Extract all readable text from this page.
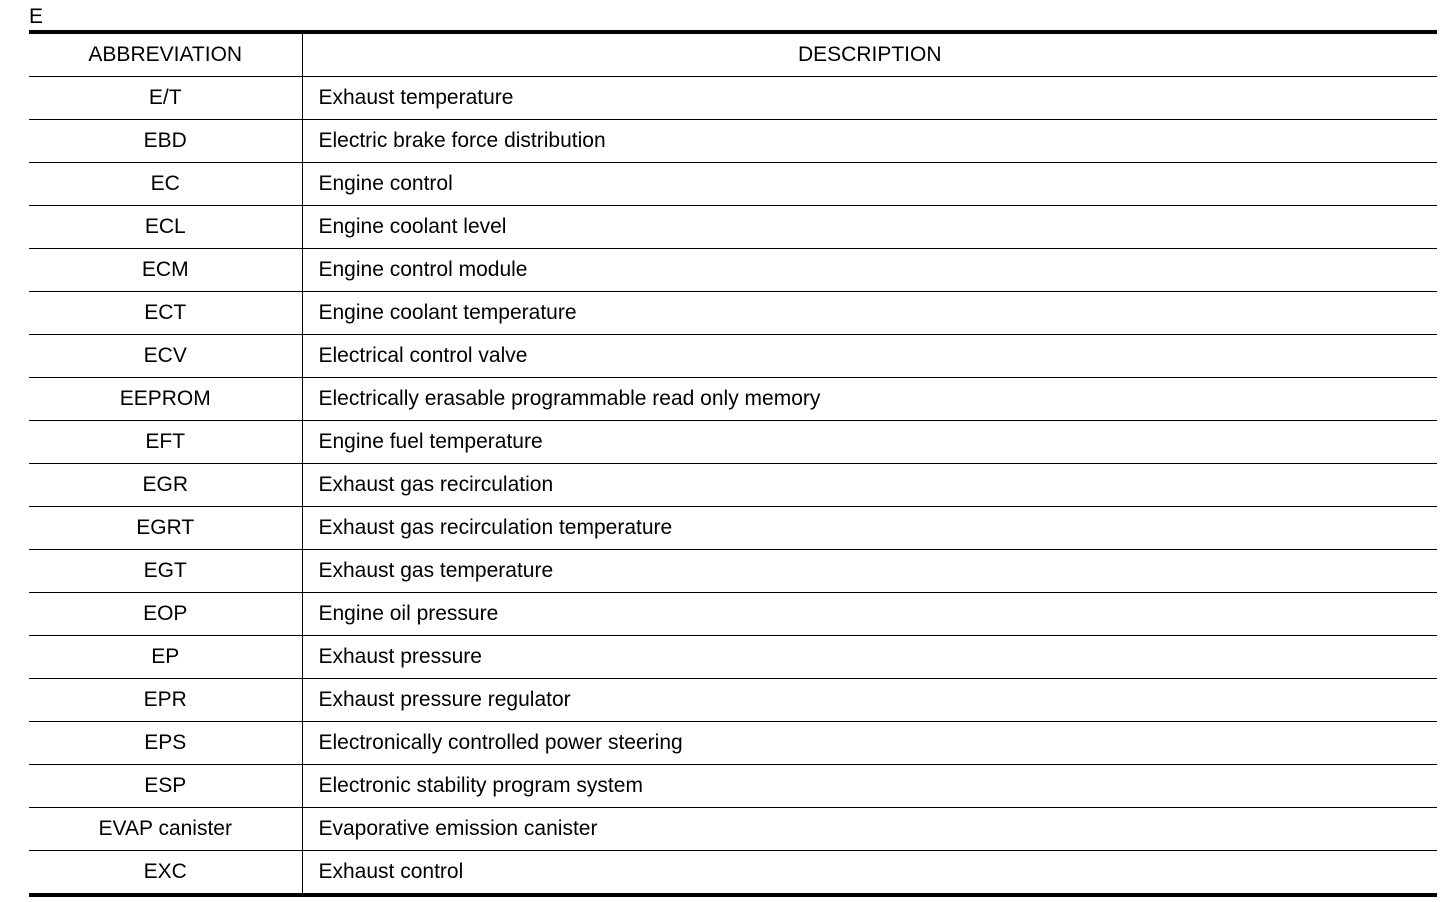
E
ABBREVIATION	DESCRIPTION
E/T	Exhaust temperature
EBD	Electric brake force distribution
EC	Engine control
ECL	Engine coolant level
ECM	Engine control module
ECT	Engine coolant temperature
ECV	Electrical control valve
EEPROM	Electrically erasable programmable read only memory
EFT	Engine fuel temperature
EGR	Exhaust gas recirculation
EGRT	Exhaust gas recirculation temperature
EGT	Exhaust gas temperature
EOP	Engine oil pressure
EP	Exhaust pressure
EPR	Exhaust pressure regulator
EPS	Electronically controlled power steering
ESP	Electronic stability program system
EVAP canister	Evaporative emission canister
EXC	Exhaust control
